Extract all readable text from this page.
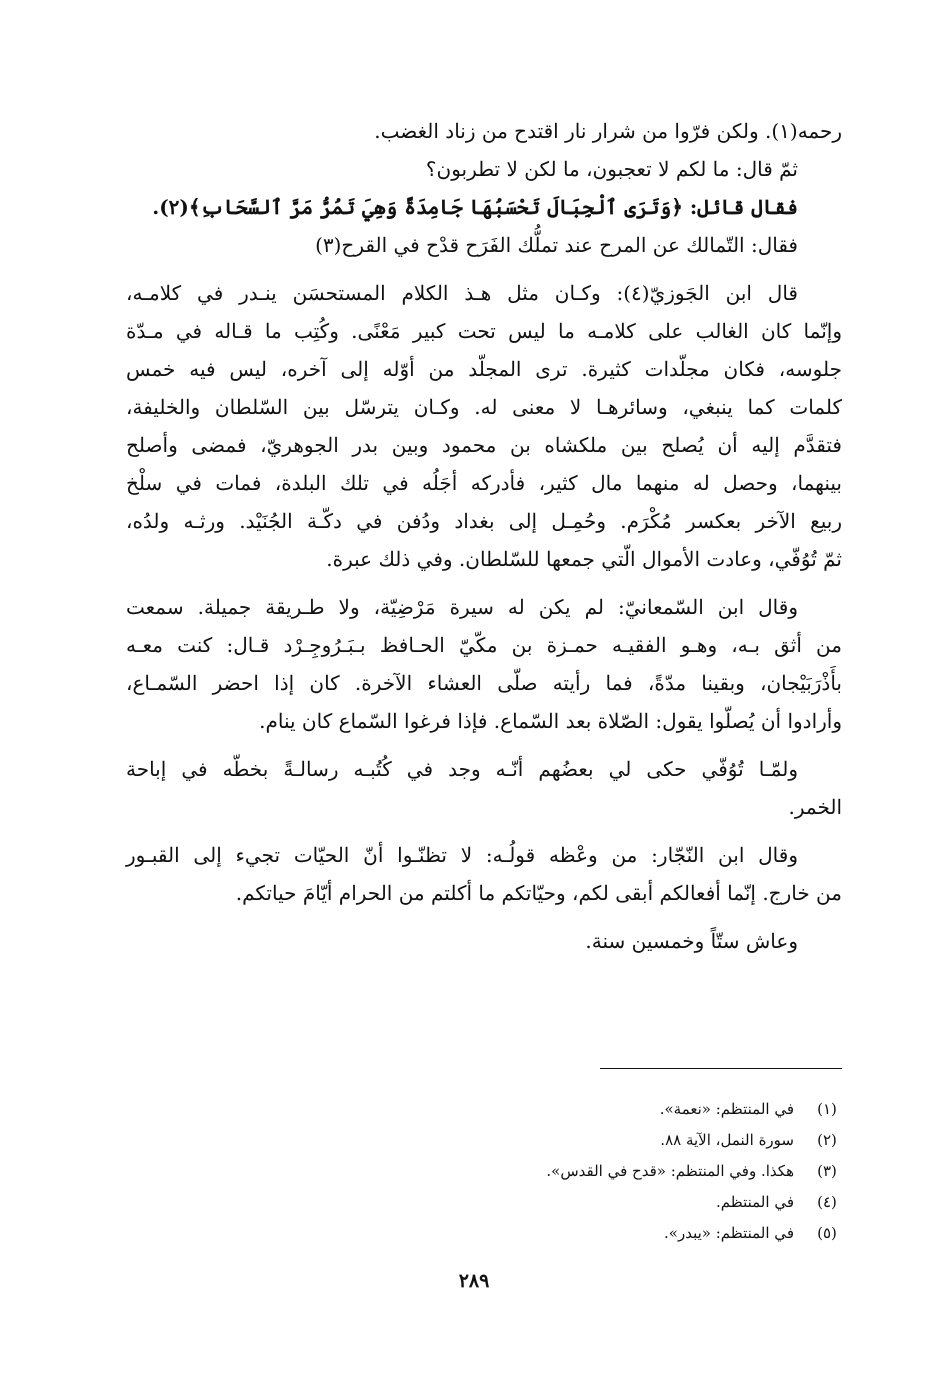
رحمه(١). ولكن فرّوا من شرار نار اقتدح من زناد الغضب.

ثمّ قال: ما لكم لا تعجبون، ما لكن لا تطربون؟

فقال قائل: ﴿وَتَرَى ٱلْجِبَالَ تَحْسَبُهَا جَامِدَةً وَهِيَ تَمُرُّ مَرَّ ٱلسَّحَابِ﴾(٢).

فقال: التّمالك عن المرح عند تملُّك الفَرَح قدْح في القرح(٣)

قال ابن الجَوزيّ(٤): وكـان مثل هـذ الكلام المستحسَن ينـدر في كلامـه،

وإنّما كان الغالب على كلامـه ما ليس تحت كبير مَعْنًى. وكُتِب ما قـاله في مـدّة

جلوسه، فكان مجلّدات كثيرة. ترى المجلّد من أوّله إلى آخره، ليس فيه خمس

كلمات كما ينبغي، وسائرهـا لا معنى له. وكـان يترسّل بين السّلطان والخليفة،

فتقدَّم إليه أن يُصلح بين ملكشاه بن محمود وبين بدر الجوهريّ، فمضى وأصلح

بينهما، وحصل له منهما مال كثير، فأدركه أجَلُه في تلك البلدة، فمات في سلْخ

ربيع الآخر بعكسر مُكْرَم. وحُمِـل إلى بغداد ودُفن في دكّـة الجُنَيْد. ورثـه ولدُه،

ثمّ تُوُفّي، وعادت الأموال الّتي جمعها للسّلطان. وفي ذلك عبرة.

وقال ابن السّمعانيّ: لم يكن له سيرة مَرْضِيّة، ولا طـريقة جميلة. سمعت

من أثق بـه، وهـو الفقيـه حمـزة بن مكّيّ الحـافظ بـبَـرُوجِـرْد قـال: كنت معـه

بأَذْرَبَيْجان، وبقينا مدّةً، فما رأيته صلّى العشاء الآخرة. كان إذا احضر السّمـاع،

وأرادوا أن يُصلّوا يقول: الصّلاة بعد السّماع. فإذا فرغوا السّماع كان ينام.

ولمّـا تُوُفّي حكى لي بعضُهم أنّـه وجد في كُتُبـه رسالـةً بخطّه في إباحة

الخمر.

وقال ابن النّجّار: من وعْظه قولُـه: لا تظنّـوا أنّ الحيّات تجيء إلى القبـور

من خارج. إنّما أفعالكم أبقى لكم، وحيّاتكم ما أكلتم من الحرام أيّامَ حياتكم.

وعاش ستّاً وخمسين سنة.

(١)
في المنتظم: «نعمة».
(٢)
سورة النمل، الآية ٨٨.
(٣)
هكذا. وفي المنتظم: «قدح في القدس».
(٤)
في المنتظم.
(٥)
في المنتظم: «يبدر».
٢٨٩
